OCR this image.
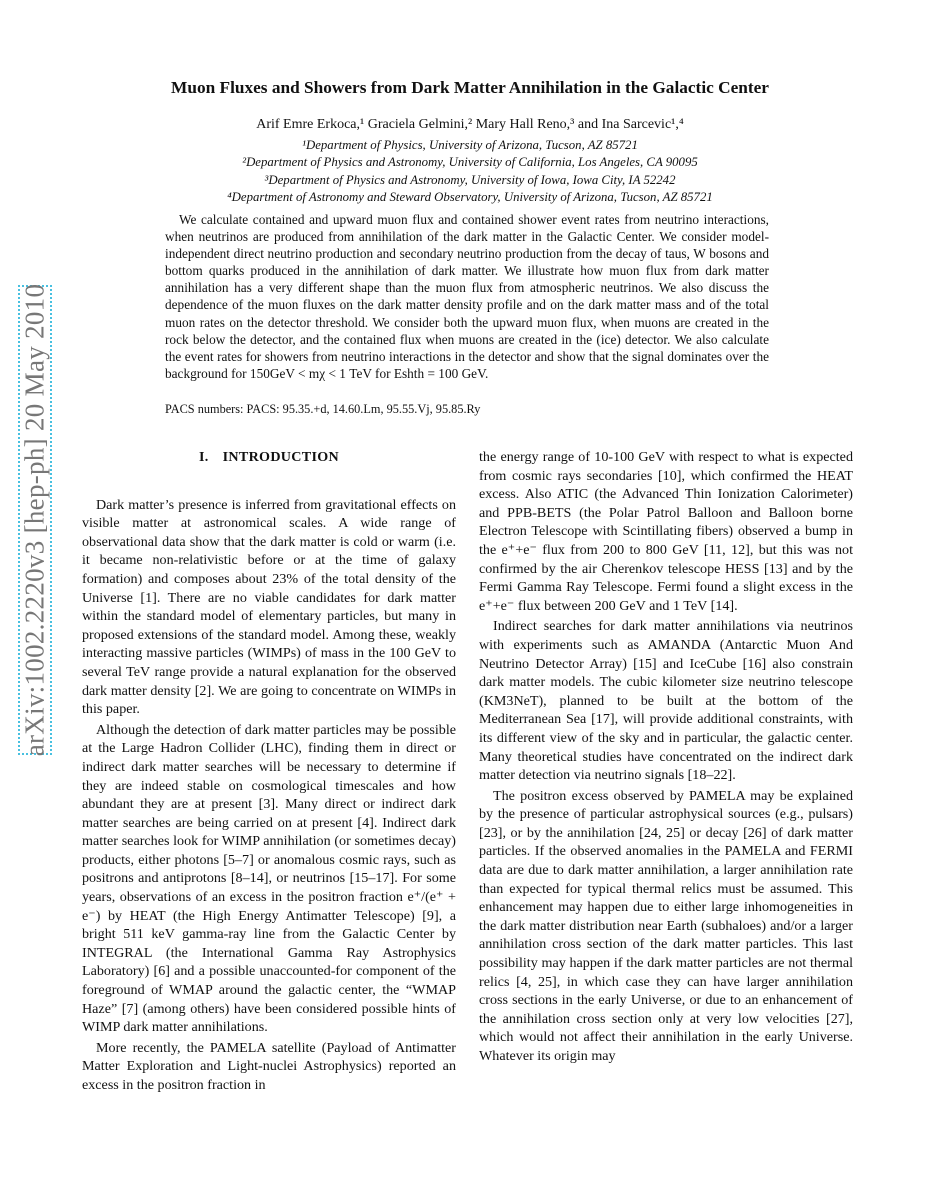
arXiv:1002.2220v3 [hep-ph] 20 May 2010
Muon Fluxes and Showers from Dark Matter Annihilation in the Galactic Center
Arif Emre Erkoca,¹ Graciela Gelmini,² Mary Hall Reno,³ and Ina Sarcevic¹,⁴
¹Department of Physics, University of Arizona, Tucson, AZ 85721
²Department of Physics and Astronomy, University of California, Los Angeles, CA 90095
³Department of Physics and Astronomy, University of Iowa, Iowa City, IA 52242
⁴Department of Astronomy and Steward Observatory, University of Arizona, Tucson, AZ 85721
We calculate contained and upward muon flux and contained shower event rates from neutrino interactions, when neutrinos are produced from annihilation of the dark matter in the Galactic Center. We consider model-independent direct neutrino production and secondary neutrino production from the decay of taus, W bosons and bottom quarks produced in the annihilation of dark matter. We illustrate how muon flux from dark matter annihilation has a very different shape than the muon flux from atmospheric neutrinos. We also discuss the dependence of the muon fluxes on the dark matter density profile and on the dark matter mass and of the total muon rates on the detector threshold. We consider both the upward muon flux, when muons are created in the rock below the detector, and the contained flux when muons are created in the (ice) detector. We also calculate the event rates for showers from neutrino interactions in the detector and show that the signal dominates over the background for 150GeV < mχ < 1 TeV for Eshth = 100 GeV.
PACS numbers: PACS: 95.35.+d, 14.60.Lm, 95.55.Vj, 95.85.Ry
I. INTRODUCTION

Dark matter’s presence is inferred from gravitational effects on visible matter at astronomical scales. A wide range of observational data show that the dark matter is cold or warm (i.e. it became non-relativistic before or at the time of galaxy formation) and composes about 23% of the total density of the Universe [1]. There are no viable candidates for dark matter within the standard model of elementary particles, but many in proposed extensions of the standard model. Among these, weakly interacting massive particles (WIMPs) of mass in the 100 GeV to several TeV range provide a natural explanation for the observed dark matter density [2]. We are going to concentrate on WIMPs in this paper.

Although the detection of dark matter particles may be possible at the Large Hadron Collider (LHC), finding them in direct or indirect dark matter searches will be necessary to determine if they are indeed stable on cosmological timescales and how abundant they are at present [3]. Many direct or indirect dark matter searches are being carried on at present [4]. Indirect dark matter searches look for WIMP annihilation (or sometimes decay) products, either photons [5–7] or anomalous cosmic rays, such as positrons and antiprotons [8–14], or neutrinos [15–17]. For some years, observations of an excess in the positron fraction e⁺/(e⁺ + e⁻) by HEAT (the High Energy Antimatter Telescope) [9], a bright 511 keV gamma-ray line from the Galactic Center by INTEGRAL (the International Gamma Ray Astrophysics Laboratory) [6] and a possible unaccounted-for component of the foreground of WMAP around the galactic center, the “WMAP Haze” [7] (among others) have been considered possible hints of WIMP dark matter annihilations.

More recently, the PAMELA satellite (Payload of Antimatter Matter Exploration and Light-nuclei Astrophysics) reported an excess in the positron fraction in

the energy range of 10-100 GeV with respect to what is expected from cosmic rays secondaries [10], which confirmed the HEAT excess. Also ATIC (the Advanced Thin Ionization Calorimeter) and PPB-BETS (the Polar Patrol Balloon and Balloon borne Electron Telescope with Scintillating fibers) observed a bump in the e⁺+e⁻ flux from 200 to 800 GeV [11, 12], but this was not confirmed by the air Cherenkov telescope HESS [13] and by the Fermi Gamma Ray Telescope. Fermi found a slight excess in the e⁺+e⁻ flux between 200 GeV and 1 TeV [14].

Indirect searches for dark matter annihilations via neutrinos with experiments such as AMANDA (Antarctic Muon And Neutrino Detector Array) [15] and IceCube [16] also constrain dark matter models. The cubic kilometer size neutrino telescope (KM3NeT), planned to be built at the bottom of the Mediterranean Sea [17], will provide additional constraints, with its different view of the sky and in particular, the galactic center. Many theoretical studies have concentrated on the indirect dark matter detection via neutrino signals [18–22].

The positron excess observed by PAMELA may be explained by the presence of particular astrophysical sources (e.g., pulsars) [23], or by the annihilation [24, 25] or decay [26] of dark matter particles. If the observed anomalies in the PAMELA and FERMI data are due to dark matter annihilation, a larger annihilation rate than expected for typical thermal relics must be assumed. This enhancement may happen due to either large inhomogeneities in the dark matter distribution near Earth (subhaloes) and/or a larger annihilation cross section of the dark matter particles. This last possibility may happen if the dark matter particles are not thermal relics [4, 25], in which case they can have larger annihilation cross sections in the early Universe, or due to an enhancement of the annihilation cross section only at very low velocities [27], which would not affect their annihilation in the early Universe. Whatever its origin may
